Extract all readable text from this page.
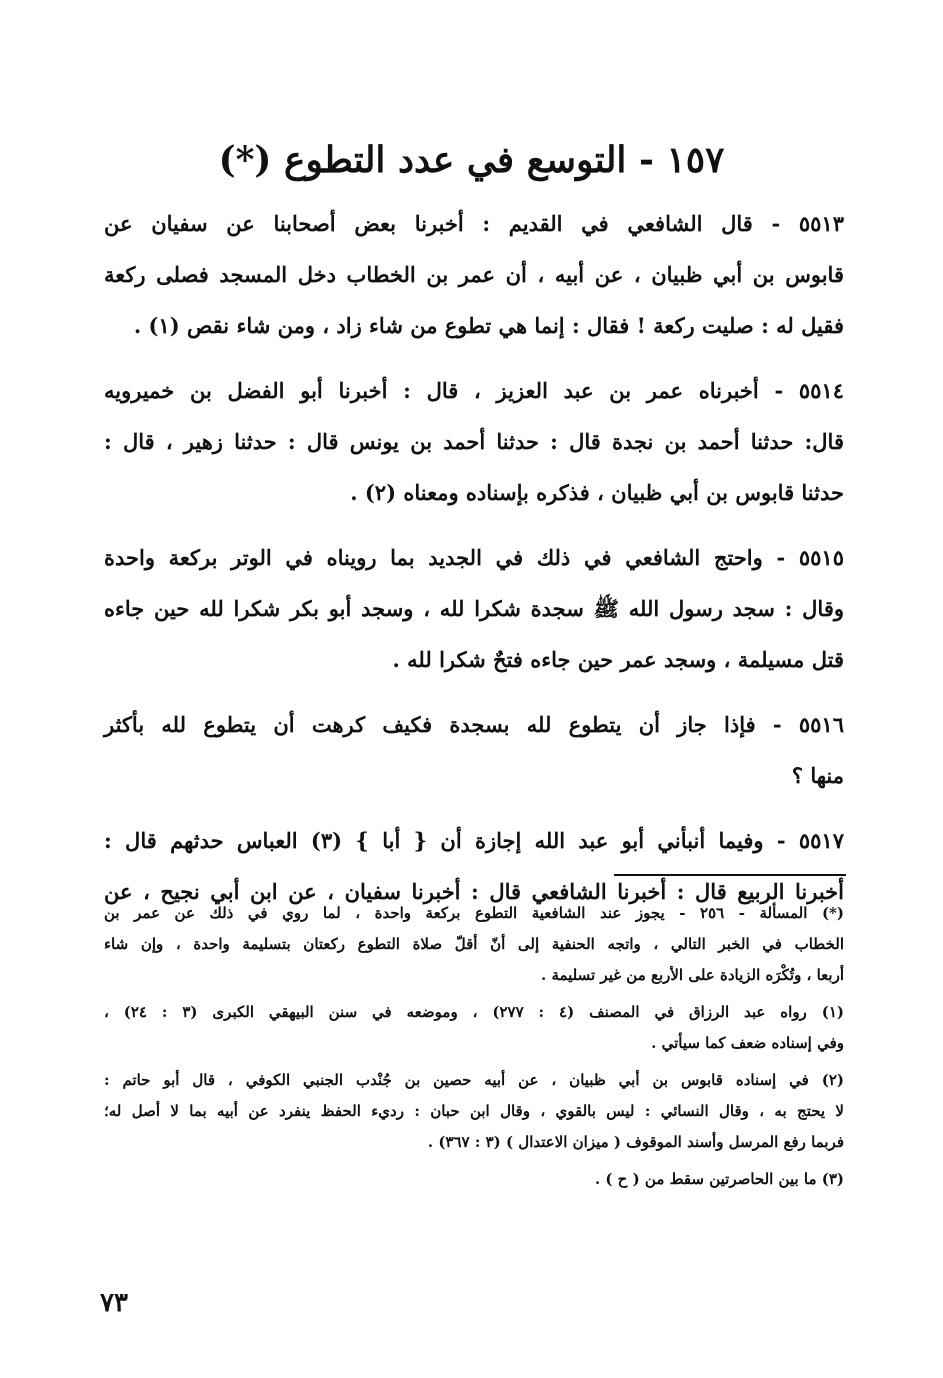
١٥٧ - التوسع في عدد التطوع (*)

٥٥١٣ - قال الشافعي في القديم : أخبرنا بعض أصحابنا عن سفيان عن
قابوس بن أبي ظبيان ، عن أبيه ، أن عمر بن الخطاب دخل المسجد فصلى ركعة
فقيل له : صليت ركعة ! فقال : إنما هي تطوع من شاء زاد ، ومن شاء نقص (١) .

٥٥١٤ - أخبرناه عمر بن عبد العزيز ، قال : أخبرنا أبو الفضل بن خميرويه
قال: حدثنا أحمد بن نجدة قال : حدثنا أحمد بن يونس قال : حدثنا زهير ، قال :
حدثنا قابوس بن أبي ظبيان ، فذكره بإسناده ومعناه (٢) .

٥٥١٥ - واحتج الشافعي في ذلك في الجديد بما رويناه في الوتر بركعة واحدة
وقال : سجد رسول الله ﷺ سجدة شكرا لله ، وسجد أبو بكر شكرا لله حين جاءه
قتل مسيلمة ، وسجد عمر حين جاءه فتحٌ شكرا لله .

٥٥١٦ - فإذا جاز أن يتطوع لله بسجدة فكيف كرهت أن يتطوع لله بأكثر
منها ؟

٥٥١٧ - وفيما أنبأني أبو عبد الله إجازة أن { أبا } (٣) العباس حدثهم قال :
أخبرنا الربيع قال : أخبرنا الشافعي قال : أخبرنا سفيان ، عن ابن أبي نجيح ، عن

(*) المسألة - ٢٥٦ - يجوز عند الشافعية التطوع بركعة واحدة ، لما روي في ذلك عن عمر بن
الخطاب في الخبر التالي ، واتجه الحنفية إلى أنّ أقلّ صلاة التطوع ركعتان بتسليمة واحدة ، وإن شاء
أربعا ، وتُكْرَه الزيادة على الأربع من غير تسليمة .

(١) رواه عبد الرزاق في المصنف (٤ : ٢٧٧) ، وموضعه في سنن البيهقي الكبرى (٣ : ٢٤) ،
وفي إسناده ضعف كما سيأتي .

(٢) في إسناده قابوس بن أبي ظبيان ، عن أبيه حصين بن جُنْدب الجنبي الكوفي ، قال أبو حاتم :
لا يحتج به ، وقال النسائي : ليس بالقوي ، وقال ابن حبان : رديء الحفظ ينفرد عن أبيه بما لا أصل له؛
فربما رفع المرسل وأسند الموقوف ( ميزان الاعتدال ) (٣ : ٣٦٧) .

(٣) ما بين الحاصرتين سقط من ( ح ) .

٧٣
